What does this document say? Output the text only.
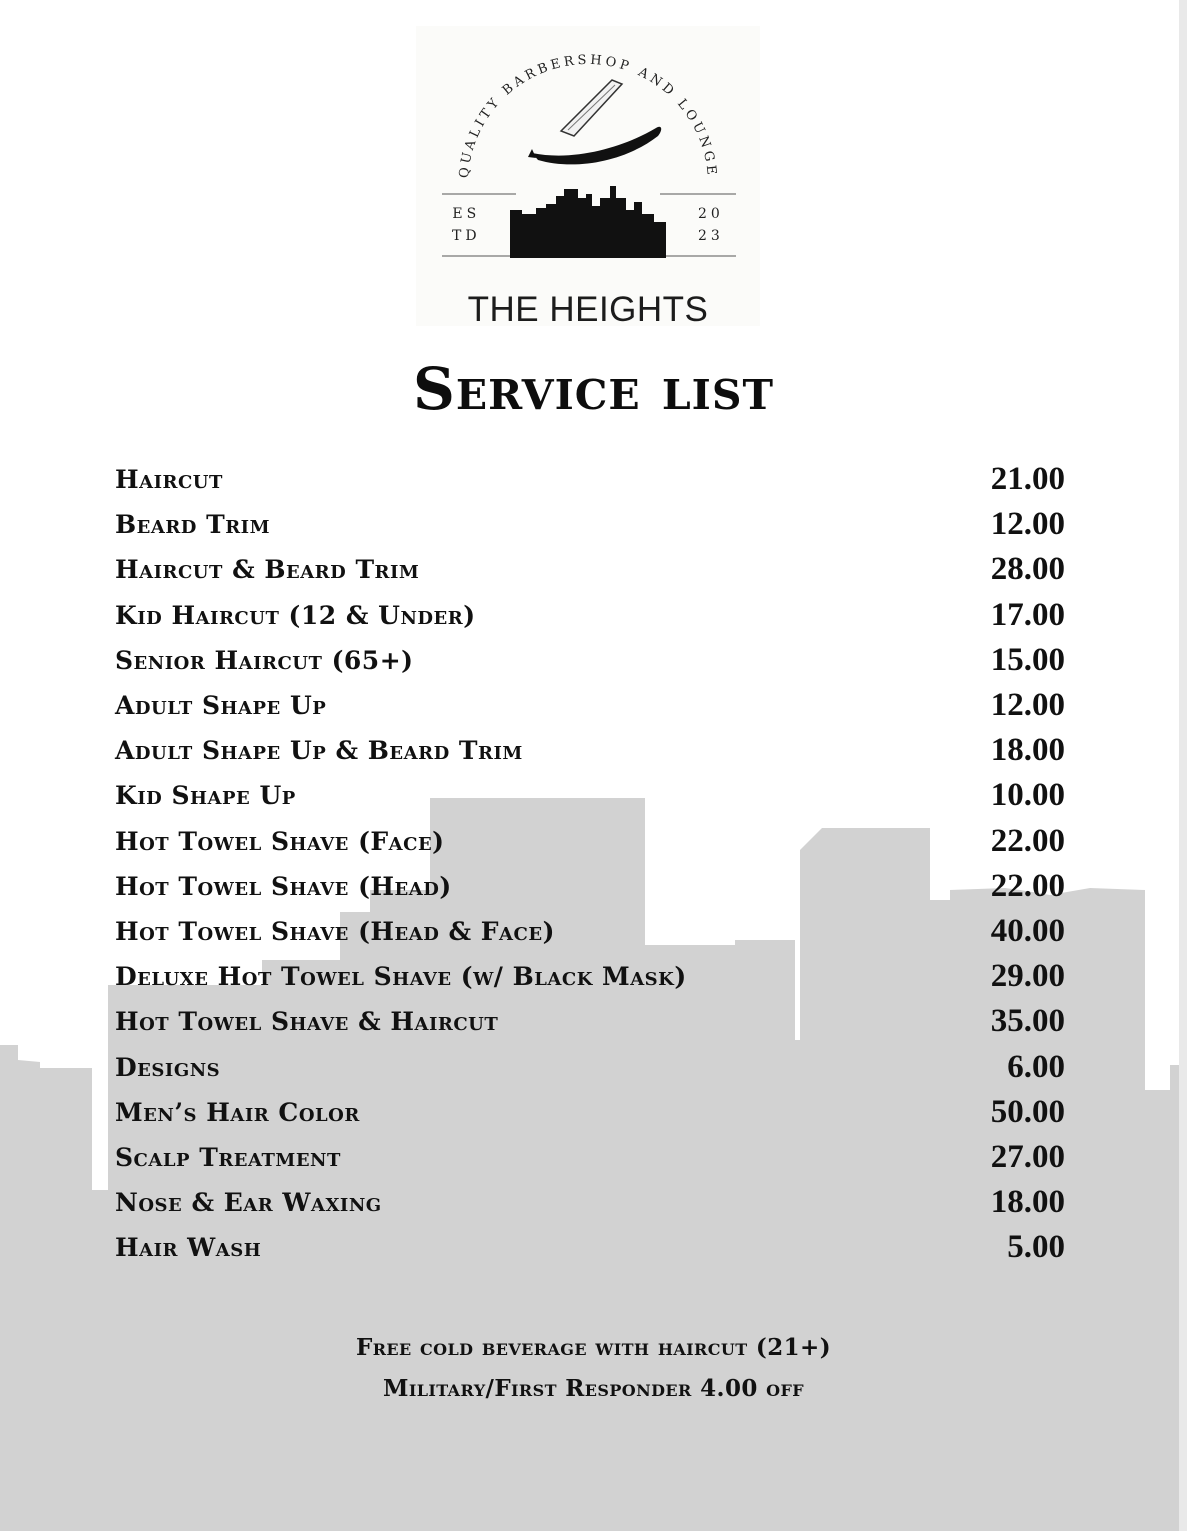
QUALITY BARBERSHOP AND LOUNGE
ES
TD
20
23
THE HEIGHTS
Service list
Haircut	21.00
Beard Trim	12.00
Haircut & Beard Trim	28.00
Kid Haircut (12 & Under)	17.00
Senior Haircut (65+)	15.00
Adult Shape Up	12.00
Adult Shape Up & Beard Trim	18.00
Kid Shape Up	10.00
Hot Towel Shave (Face)	22.00
Hot Towel Shave (Head)	22.00
Hot Towel Shave (Head & Face)	40.00
Deluxe Hot Towel Shave (w/ Black Mask)	29.00
Hot Towel Shave & Haircut	35.00
Designs	6.00
Men’s Hair Color	50.00
Scalp Treatment	27.00
Nose & Ear Waxing	18.00
Hair Wash	5.00
Free cold beverage with haircut (21+)
Military/First Responder 4.00 off
